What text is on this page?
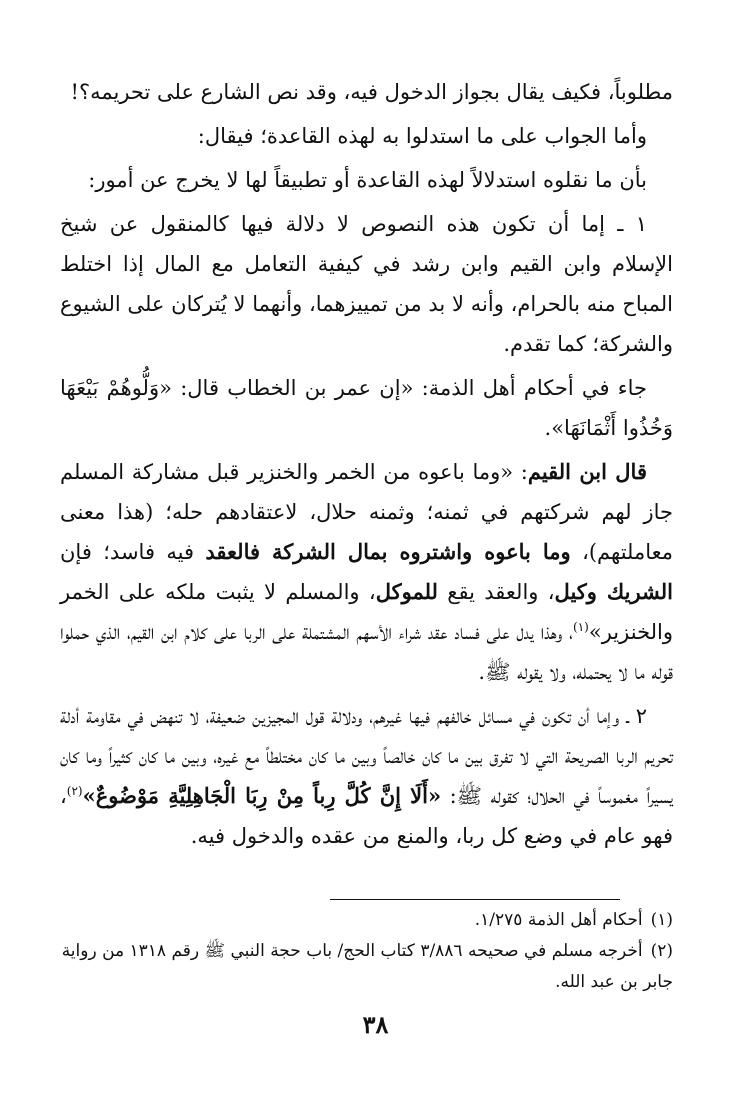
مطلوباً، فكيف يقال بجواز الدخول فيه، وقد نص الشارع على تحريمه؟!

وأما الجواب على ما استدلوا به لهذه القاعدة؛ فيقال:

بأن ما نقلوه استدلالاً لهذه القاعدة أو تطبيقاً لها لا يخرج عن أمور:

١ ـ إما أن تكون هذه النصوص لا دلالة فيها كالمنقول عن شيخ الإسلام وابن القيم وابن رشد في كيفية التعامل مع المال إذا اختلط المباح منه بالحرام، وأنه لا بد من تمييزهما، وأنهما لا يُتركان على الشيوع والشركة؛ كما تقدم.

جاء في أحكام أهل الذمة: «إن عمر بن الخطاب قال: «وَلُّوهُمْ بَيْعَهَا وَخُذُوا أَثْمَانَهَا».

قال ابن القيم: «وما باعوه من الخمر والخنزير قبل مشاركة المسلم جاز لهم شركتهم في ثمنه؛ وثمنه حلال، لاعتقادهم حله؛ (هذا معنى معاملتهم)، وما باعوه واشتروه بمال الشركة فالعقد فيه فاسد؛ فإن الشريك وكيل، والعقد يقع للموكل، والمسلم لا يثبت ملكه على الخمر والخنزير»$^{(١)}$، وهذا يدل على فساد عقد شراء الأسهم المشتملة على الربا على كلام ابن القيم، الذي حملوا قوله ما لا يحتمله، ولا يقوله ﷺ.

٢ ـ وإما أن تكون في مسائل خالفهم فيها غيرهم، ودلالة قول المجيزين ضعيفة، لا تنهض في مقاومة أدلة تحريم الربا الصريحة التي لا تفرق بين ما كان خالصاً وبين ما كان مختلطاً مع غيره، وبين ما كان كثيراً وما كان يسيراً مغموساً في الحلال؛ كقوله ﷺ: «أَلَا إِنَّ كُلَّ رِباً مِنْ رِبَا الْجَاهِلِيَّةِ مَوْضُوعٌ»$^{(٢)}$، فهو عام في وضع كل ربا، والمنع من عقده والدخول فيه.

(١)أحكام أهل الذمة ١/٢٧٥.

(٢)أخرجه مسلم في صحيحه ٣/٨٨٦ كتاب الحج/ باب حجة النبي ﷺ رقم ١٣١٨ من رواية جابر بن عبد الله.

٣٨
